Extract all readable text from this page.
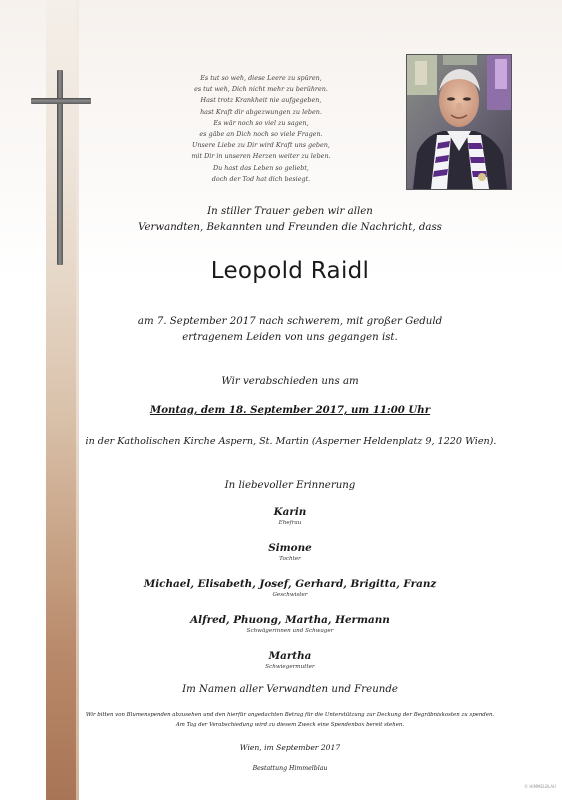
Es tut so weh, diese Leere zu spüren,
es tut weh, Dich nicht mehr zu berühren.
Hast trotz Krankheit nie aufgegeben,
hast Kraft dir abgezwungen zu leben.
Es wär noch so viel zu sagen,
es gäbe an Dich noch so viele Fragen.
Unsere Liebe zu Dir wird Kraft uns geben,
mit Dir in unseren Herzen weiter zu leben.
Du hast das Leben so geliebt,
doch der Tod hat dich besiegt.
In stiller Trauer geben wir allen
Verwandten, Bekannten und Freunden die Nachricht, dass
Leopold Raidl
am 7. September 2017 nach schwerem, mit großer Geduld
ertragenem Leiden von uns gegangen ist.
Wir verabschieden uns am
Montag, dem 18. September 2017, um 11:00 Uhr
in der Katholischen Kirche Aspern, St. Martin (Asperner Heldenplatz 9, 1220 Wien).
In liebevoller Erinnerung
Karin
Ehefrau
Simone
Tochter
Michael, Elisabeth, Josef, Gerhard, Brigitta, Franz
Geschwister
Alfred, Phuong, Martha, Hermann
Schwägerinnen und Schwager
Martha
Schwiegermutter
Im Namen aller Verwandten und Freunde
Wir bitten von Blumenspenden abzusehen und den hierfür angedachten Betrag für die Unterstützung zur Deckung der Begräbniskosten zu spenden.
Am Tag der Verabschiedung wird zu diesem Zweck eine Spendenbox bereit stehen.
Wien, im September 2017
Bestattung Himmelblau
© HIMMELBLAU
